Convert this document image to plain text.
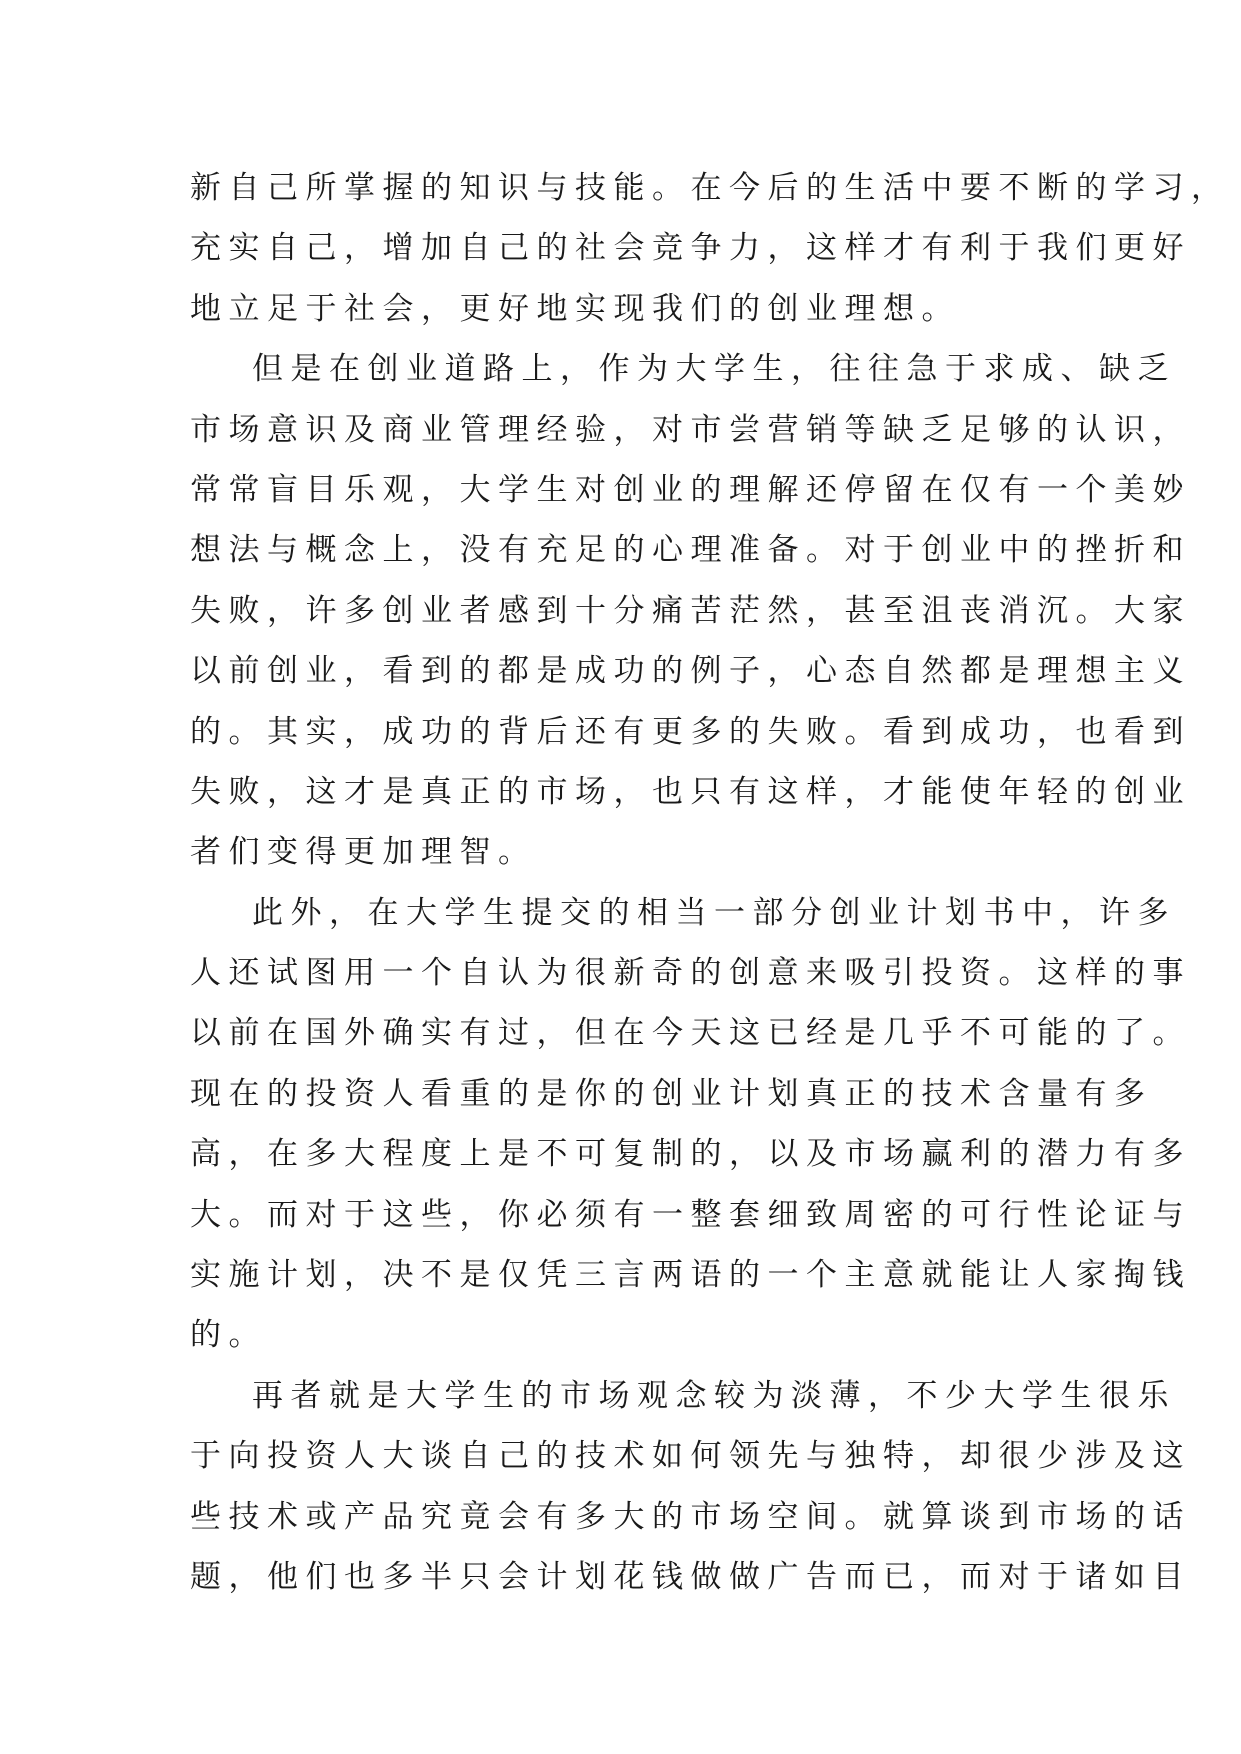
新自己所掌握的知识与技能。在今后的生活中要不断的学习，
充实自己，增加自己的社会竞争力，这样才有利于我们更好
地立足于社会，更好地实现我们的创业理想。
但是在创业道路上，作为大学生，往往急于求成、缺乏
市场意识及商业管理经验，对市尝营销等缺乏足够的认识，
常常盲目乐观，大学生对创业的理解还停留在仅有一个美妙
想法与概念上，没有充足的心理准备。对于创业中的挫折和
失败，许多创业者感到十分痛苦茫然，甚至沮丧消沉。大家
以前创业，看到的都是成功的例子，心态自然都是理想主义
的。其实，成功的背后还有更多的失败。看到成功，也看到
失败，这才是真正的市场，也只有这样，才能使年轻的创业
者们变得更加理智。
此外，在大学生提交的相当一部分创业计划书中，许多
人还试图用一个自认为很新奇的创意来吸引投资。这样的事
以前在国外确实有过，但在今天这已经是几乎不可能的了。
现在的投资人看重的是你的创业计划真正的技术含量有多
高，在多大程度上是不可复制的，以及市场赢利的潜力有多
大。而对于这些，你必须有一整套细致周密的可行性论证与
实施计划，决不是仅凭三言两语的一个主意就能让人家掏钱
的。
再者就是大学生的市场观念较为淡薄，不少大学生很乐
于向投资人大谈自己的技术如何领先与独特，却很少涉及这
些技术或产品究竟会有多大的市场空间。就算谈到市场的话
题，他们也多半只会计划花钱做做广告而已，而对于诸如目
